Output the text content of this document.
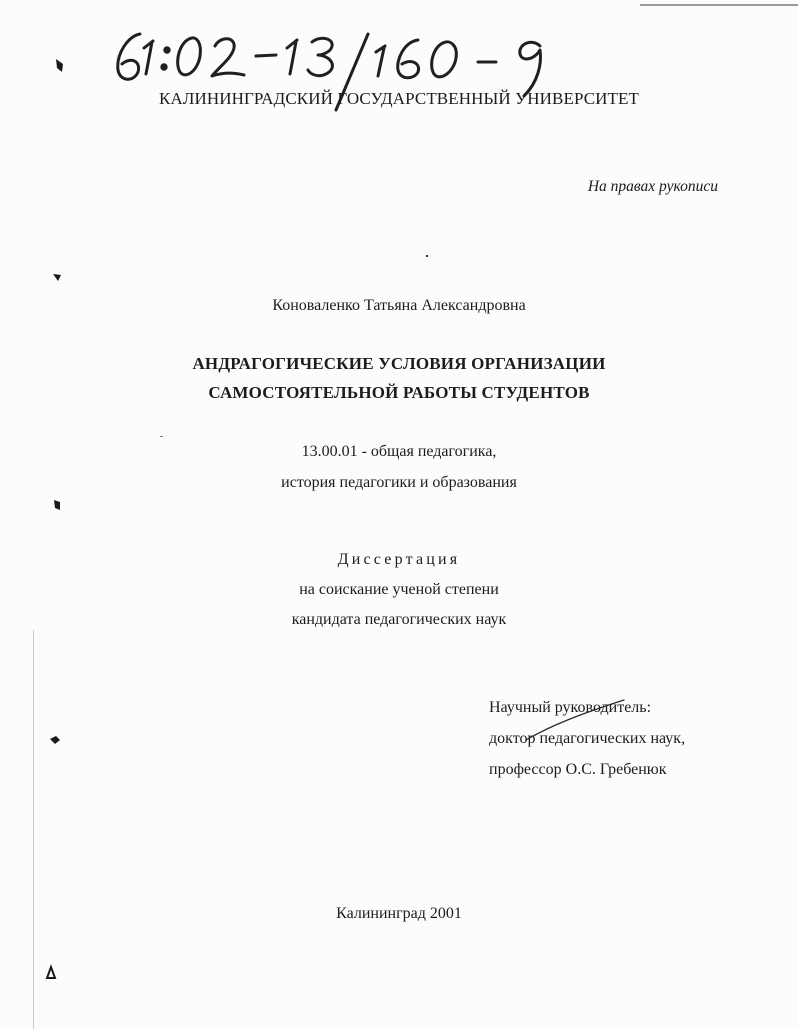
КАЛИНИНГРАДСКИЙ ГОСУДАРСТВЕННЫЙ УНИВЕРСИТЕТ
На правах рукописи
Коноваленко Татьяна Александровна
АНДРАГОГИЧЕСКИЕ УСЛОВИЯ ОРГАНИЗАЦИИ
САМОСТОЯТЕЛЬНОЙ РАБОТЫ СТУДЕНТОВ
13.00.01 - общая педагогика,
история педагогики и образования
Диссертация
на соискание ученой степени
кандидата педагогических наук
Научный руководитель:
доктор педагогических наук,
профессор О.С. Гребенюк
Калининград 2001
